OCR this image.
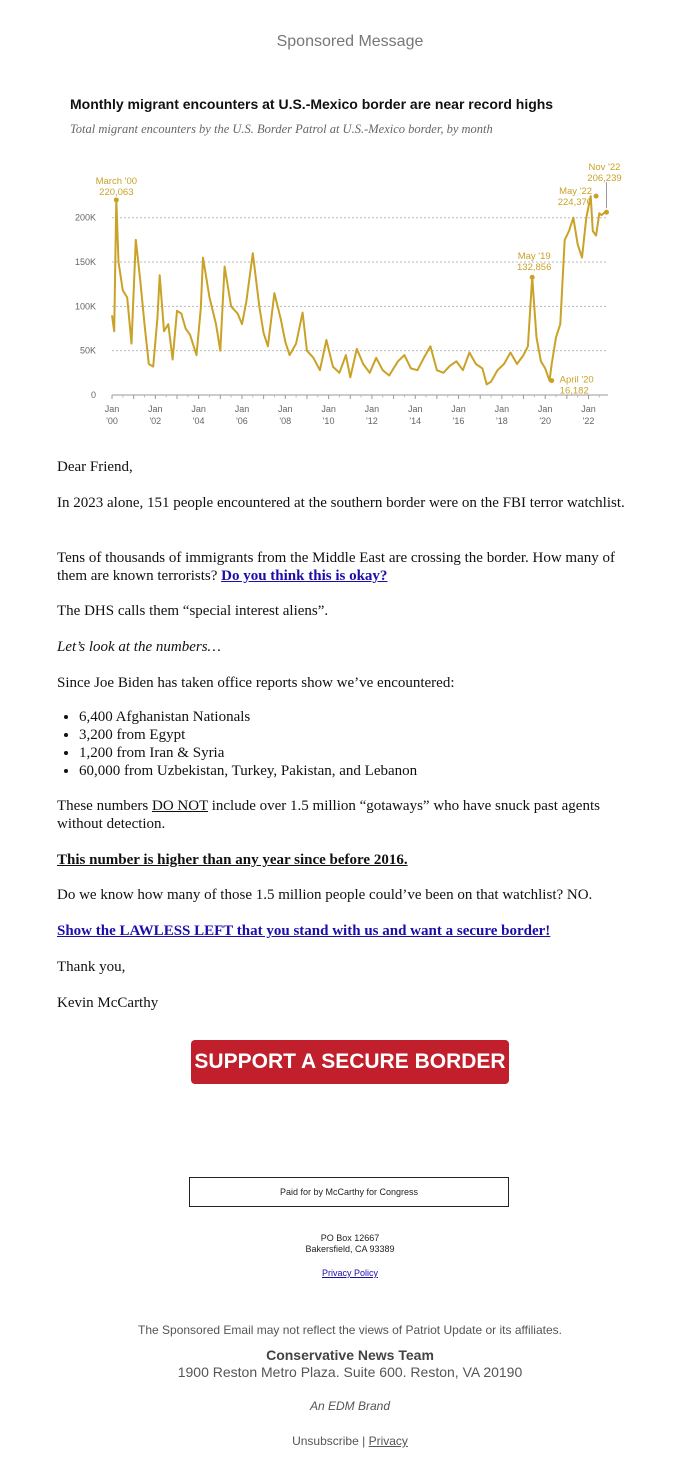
Sponsored Message
0
50K
100K
150K
200K
Jan
'00
Jan
'02
Jan
'04
Jan
'06
Jan
'08
Jan
'10
Jan
'12
Jan
'14
Jan
'16
Jan
'18
Jan
'20
Jan
'22
March '00
220,063
May '19
132,856
April '20
16,182
May '22
224,370
Nov '22
206,239
Monthly migrant encounters at U.S.-Mexico border are near record highs
Total migrant encounters by the U.S. Border Patrol at U.S.-Mexico border, by month

Dear Friend,

In 2023 alone, 151 people encountered at the southern border were on the FBI terror watchlist.

Tens of thousands of immigrants from the Middle East are crossing the border. How many of them are known terrorists? Do you think this is okay?

The DHS calls them “special interest aliens”.

Let’s look at the numbers…

Since Joe Biden has taken office reports show we’ve encountered:

• 6,400 Afghanistan Nationals
• 3,200 from Egypt
• 1,200 from Iran & Syria
• 60,000 from Uzbekistan, Turkey, Pakistan, and Lebanon

These numbers DO NOT include over 1.5 million “gotaways” who have snuck past agents without detection.

This number is higher than any year since before 2016.

Do we know how many of those 1.5 million people could’ve been on that watchlist? NO.

Show the LAWLESS LEFT that you stand with us and want a secure border!

Thank you,

Kevin McCarthy

SUPPORT A SECURE BORDER
Paid for by McCarthy for Congress
PO Box 12667
Bakersfield, CA 93389
Privacy Policy
The Sponsored Email may not reflect the views of Patriot Update or its affiliates.
Conservative News Team
1900 Reston Metro Plaza. Suite 600. Reston, VA 20190
An EDM Brand
Unsubscribe | Privacy
